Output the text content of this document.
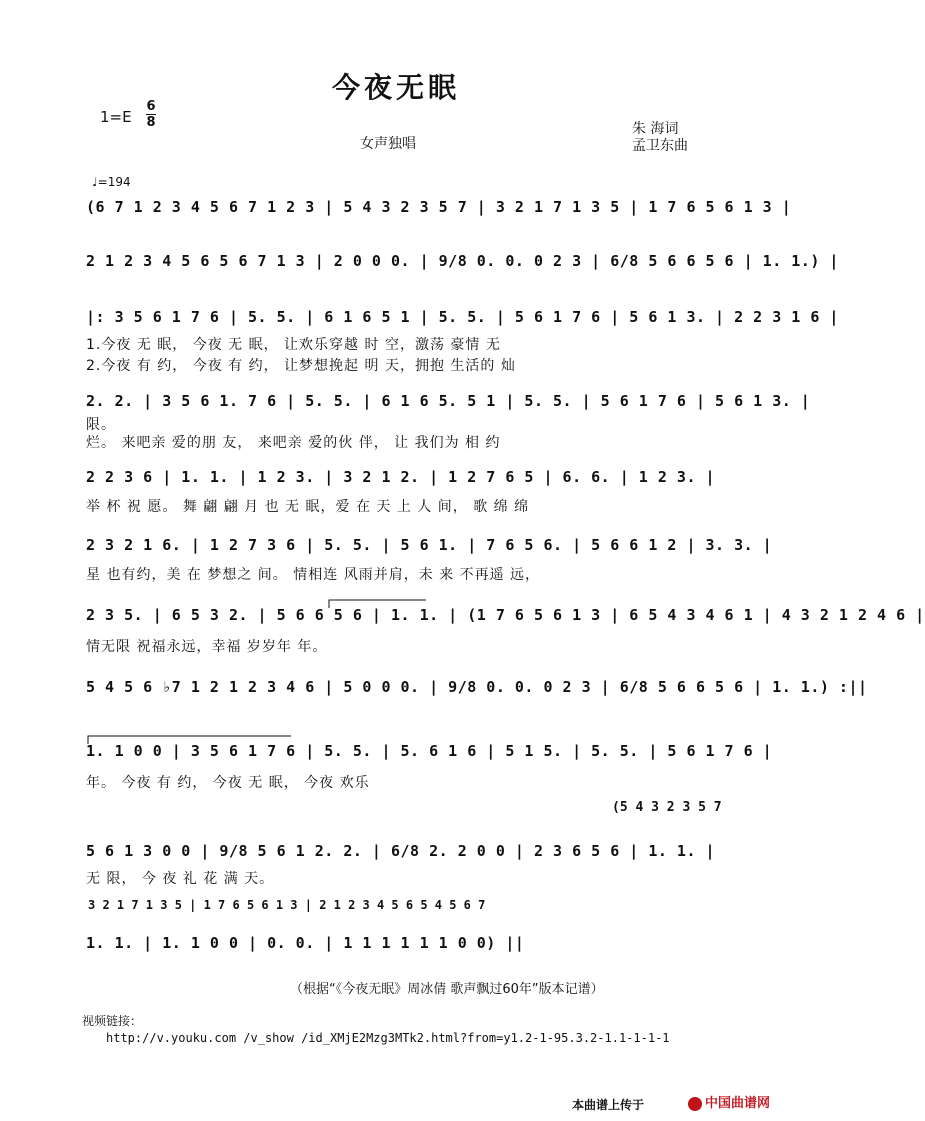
今夜无眠
1=E
6
8
女声独唱
朱 海词
孟卫东曲
♩=194
(6 7 1 2 3 4 5 6 7 1 2 3 | 5 4 3 2 3 5 7 | 3 2 1 7 1 3 5 | 1 7 6 5 6 1 3 |
2 1 2 3 4 5 6 5 6 7 1 3 | 2 0 0 0. | 9/8 0. 0. 0 2 3 | 6/8 5 6 6 5 6 | 1. 1.) |
|: 3 5 6 1 7 6 | 5. 5. | 6 1 6 5 1 | 5. 5. | 5 6 1 7 6 | 5 6 1 3. | 2 2 3 1 6 |
1.今夜 无 眠， 今夜 无 眠， 让欢乐穿越 时 空，激荡 豪情 无
2.今夜 有 约， 今夜 有 约， 让梦想挽起 明 天，拥抱 生活的 灿
2. 2. | 3 5 6 1. 7 6 | 5. 5. | 6 1 6 5. 5 1 | 5. 5. | 5 6 1 7 6 | 5 6 1 3. |
限。
烂。 来吧亲 爱的朋 友， 来吧亲 爱的伙 伴， 让 我们为 相 约
2 2 3 6 | 1. 1. | 1 2 3. | 3 2 1 2. | 1 2 7 6 5 | 6. 6. | 1 2 3. |
举 杯 祝 愿。 舞 翩 翩 月 也 无 眠，爱 在 天 上 人 间， 歌 绵 绵
2 3 2 1 6. | 1 2 7 3 6 | 5. 5. | 5 6 1. | 7 6 5 6. | 5 6 6 1 2 | 3. 3. |
星 也有约，美 在 梦想之 间。 情相连 风雨并肩，未 来 不再遥 远，
2 3 5. | 6 5 3 2. | 5 6 6 5 6 | 1. 1. | (1 7 6 5 6 1 3 | 6 5 4 3 4 6 1 | 4 3 2 1 2 4 6 |
情无限 祝福永远，幸福 岁岁年 年。
5 4 5 6 ♭7 1 2 1 2 3 4 6 | 5 0 0 0. | 9/8 0. 0. 0 2 3 | 6/8 5 6 6 5 6 | 1. 1.) :||
1. 1 0 0 | 3 5 6 1 7 6 | 5. 5. | 5. 6 1 6 | 5 1 5. | 5. 5. | 5 6 1 7 6 |
年。 今夜 有 约， 今夜 无 眠， 今夜 欢乐
(5 4 3 2 3 5 7
5 6 1 3 0 0 | 9/8 5 6 1 2. 2. | 6/8 2. 2 0 0 | 2 3 6 5 6 | 1. 1. |
无 限， 今 夜 礼 花 满 天。
3 2 1 7 1 3 5 | 1 7 6 5 6 1 3 | 2 1 2 3 4 5 6 5 4 5 6 7
1. 1. | 1. 1 0 0 | 0. 0. | 1 1 1 1 1 1 0 0) ||
（根据“《今夜无眠》周冰倩 歌声飘过60年”版本记谱）
视频链接：
http://v.youku.com /v_show /id_XMjE2Mzg3MTk2.html?from=y1.2-1-95.3.2-1.1-1-1-1
本曲谱上传于	中国曲谱网
